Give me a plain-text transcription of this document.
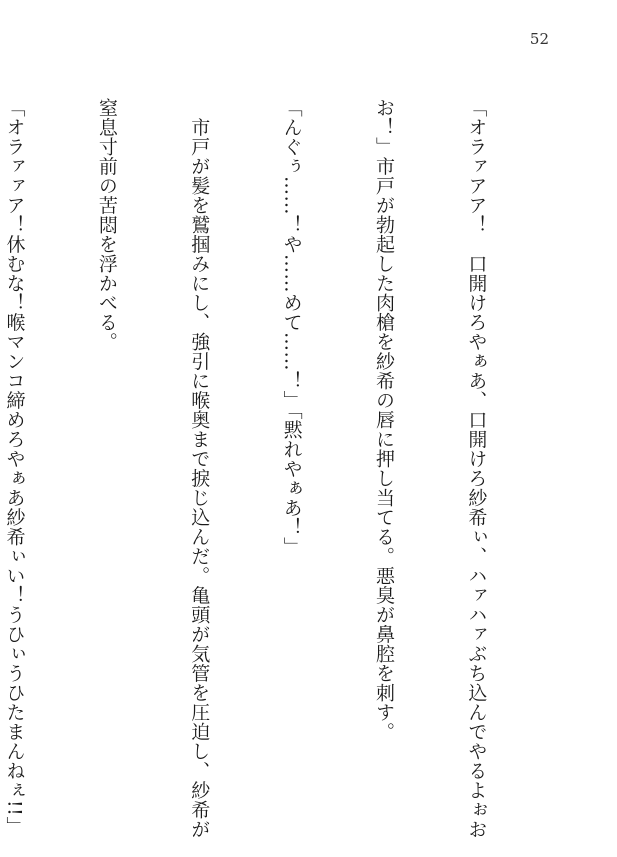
52

「オラァアア！　口開けろやぁあ、口開けろ紗希ぃ、ハァハァぶち込んでやるよぉお

お！」市戸が勃起した肉槍を紗希の唇に押し当てる。悪臭が鼻腔を刺す。

「んぐぅ……！や……めて……！」「黙れやぁあ！」

　市戸が髪を鷲掴みにし、強引に喉奥まで捩じ込んだ。亀頭が気管を圧迫し、紗希が

窒息寸前の苦悶を浮かべる。

「オラァァア！休むな！喉マンコ締めろやぁあ紗希ぃい！うひぃうひたまんねぇ!!」
